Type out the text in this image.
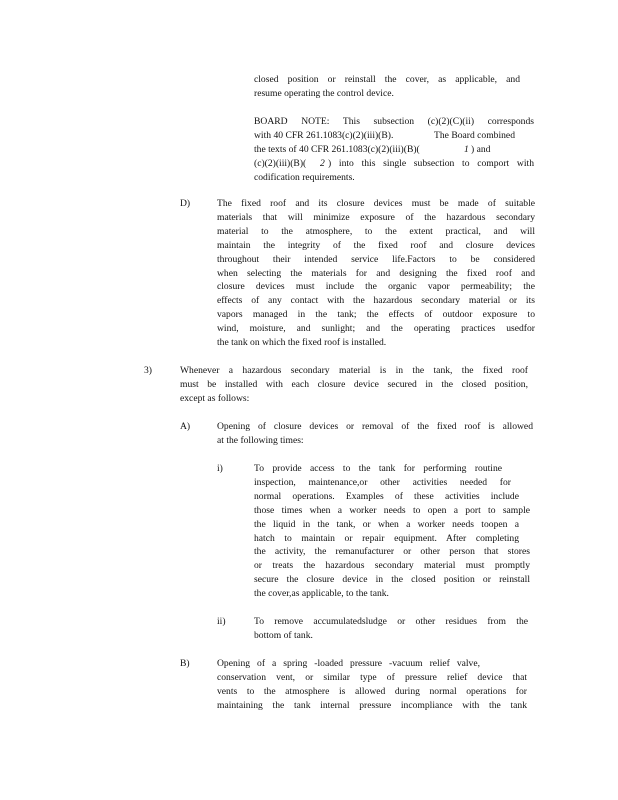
closed position or reinstall the cover, as applicable, and

resume operating the control device.

BOARD NOTE: This subsection (c)(2)(C)(ii) corresponds

with 40 CFR 261.1083(c)(2)(iii)(B).	The Board combined

the texts of 40 CFR 261.1083(c)(2)(iii)(B)(	1 ) and

(c)(2)(iii)(B)( 2 ) into this single subsection to comport with

codification requirements.

D)	The fixed roof and its closure devices must be made of suitable

materials that will minimize exposure of the hazardous secondary

material to the atmosphere, to the extent practical, and will

maintain the integrity of the fixed roof and closure devices

throughout their intended service life.Factors to be considered

when selecting the materials for and designing the fixed roof and

closure devices must include the organic vapor permeability; the

effects of any contact with the hazardous secondary material or its

vapors managed in the tank; the effects of outdoor exposure to

wind, moisture, and sunlight; and the operating practices usedfor

the tank on which the fixed roof is installed.

3)	Whenever a hazardous secondary material is in the tank, the fixed roof

must be installed with each closure device secured in the closed position,

except as follows:

A)	Opening of closure devices or removal of the fixed roof is allowed

at the following times:

i)	To provide access to the tank for performing routine

inspection, maintenance,or other activities needed for

normal operations. Examples of these activities include

those times when a worker needs to open a port to sample

the liquid in the tank, or when a worker needs toopen a

hatch to maintain or repair equipment. After completing

the activity, the remanufacturer or other person that stores

or treats the hazardous secondary material must promptly

secure the closure device in the closed position or reinstall

the cover,as applicable, to the tank.

ii)	To remove accumulatedsludge or other residues from the

bottom of tank.

B)	Opening of a spring -loaded pressure -vacuum relief valve,

conservation vent, or similar type of pressure relief device that

vents to the atmosphere is allowed during normal operations for

maintaining the tank internal pressure incompliance with the tank
